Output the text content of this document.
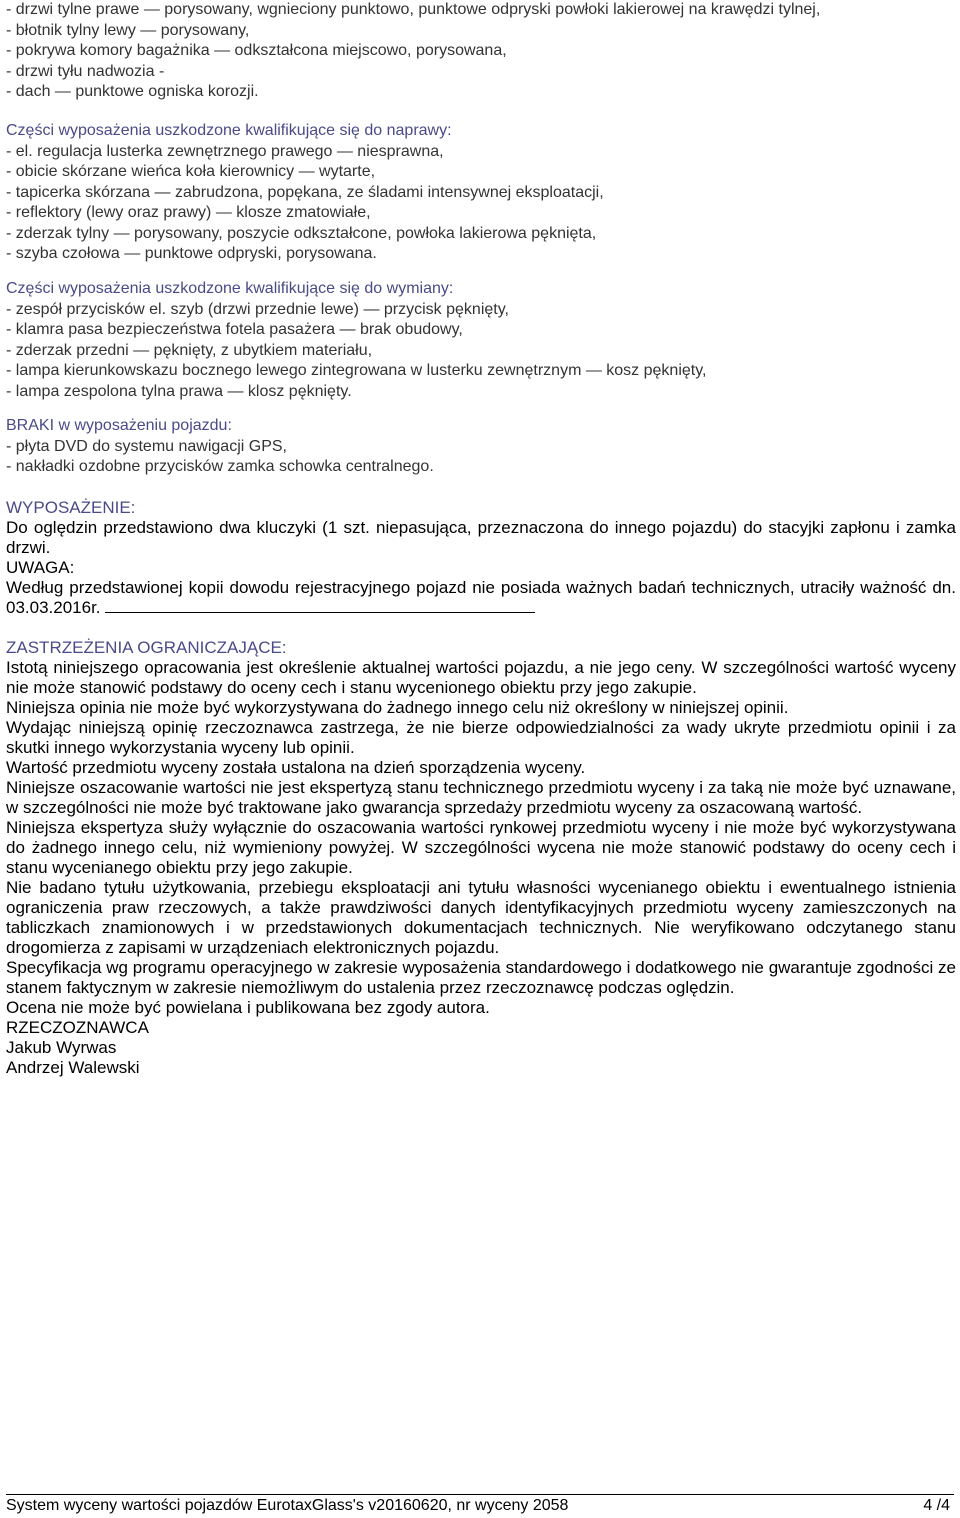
- drzwi tylne prawe — porysowany, wgnieciony punktowo, punktowe odpryski powłoki lakierowej na krawędzi tylnej,
- błotnik tylny lewy — porysowany,
- pokrywa komory bagażnika — odkształcona miejscowo, porysowana,
- drzwi tyłu nadwozia -
- dach — punktowe ogniska korozji.
Części wyposażenia uszkodzone kwalifikujące się do naprawy:
- el. regulacja lusterka zewnętrznego prawego — niesprawna,
- obicie skórzane wieńca koła kierownicy — wytarte,
- tapicerka skórzana — zabrudzona, popękana, ze śladami intensywnej eksploatacji,
- reflektory (lewy oraz prawy) — klosze zmatowiałe,
- zderzak tylny — porysowany, poszycie odkształcone, powłoka lakierowa pęknięta,
- szyba czołowa — punktowe odpryski, porysowana.
Części wyposażenia uszkodzone kwalifikujące się do wymiany:
- zespół przycisków el. szyb (drzwi przednie lewe) — przycisk pęknięty,
- klamra pasa bezpieczeństwa fotela pasażera — brak obudowy,
- zderzak przedni — pęknięty, z ubytkiem materiału,
- lampa kierunkowskazu bocznego lewego zintegrowana w lusterku zewnętrznym — kosz pęknięty,
- lampa zespolona tylna prawa — klosz pęknięty.
BRAKI w wyposażeniu pojazdu:
- płyta DVD do systemu nawigacji GPS,
- nakładki ozdobne przycisków zamka schowka centralnego.
WYPOSAŻENIE:
Do oględzin przedstawiono dwa kluczyki (1 szt. niepasująca, przeznaczona do innego pojazdu) do stacyjki zapłonu i zamka drzwi.
UWAGA:
Według przedstawionej kopii dowodu rejestracyjnego pojazd nie posiada ważnych badań technicznych, utraciły ważność dn. 03.03.2016r.
ZASTRZEŻENIA OGRANICZAJĄCE:
Istotą niniejszego opracowania jest określenie aktualnej wartości pojazdu, a nie jego ceny. W szczególności wartość wyceny nie może stanowić podstawy do oceny cech i stanu wycenionego obiektu przy jego zakupie.
Niniejsza opinia nie może być wykorzystywana do żadnego innego celu niż określony w niniejszej opinii.
Wydając niniejszą opinię rzeczoznawca zastrzega, że nie bierze odpowiedzialności za wady ukryte przedmiotu opinii i za skutki innego wykorzystania wyceny lub opinii.
Wartość przedmiotu wyceny została ustalona na dzień sporządzenia wyceny.
Niniejsze oszacowanie wartości nie jest ekspertyzą stanu technicznego przedmiotu wyceny i za taką nie może być uznawane, w szczególności nie może być traktowane jako gwarancja sprzedaży przedmiotu wyceny za oszacowaną wartość.
Niniejsza ekspertyza służy wyłącznie do oszacowania wartości rynkowej przedmiotu wyceny i nie może być wykorzystywana do żadnego innego celu, niż wymieniony powyżej. W szczególności wycena nie może stanowić podstawy do oceny cech i stanu wycenianego obiektu przy jego zakupie.
Nie badano tytułu użytkowania, przebiegu eksploatacji ani tytułu własności wycenianego obiektu i ewentualnego istnienia ograniczenia praw rzeczowych, a także prawdziwości danych identyfikacyjnych przedmiotu wyceny zamieszczonych na tabliczkach znamionowych i w przedstawionych dokumentacjach technicznych. Nie weryfikowano odczytanego stanu drogomierza z zapisami w urządzeniach elektronicznych pojazdu.
Specyfikacja wg programu operacyjnego w zakresie wyposażenia standardowego i dodatkowego nie gwarantuje zgodności ze stanem faktycznym w zakresie niemożliwym do ustalenia przez rzeczoznawcę podczas oględzin.
Ocena nie może być powielana i publikowana bez zgody autora.
RZECZOZNAWCA
Jakub Wyrwas
Andrzej Walewski
System wyceny wartości pojazdów EurotaxGlass's v20160620, nr wyceny 2058	4 /4
